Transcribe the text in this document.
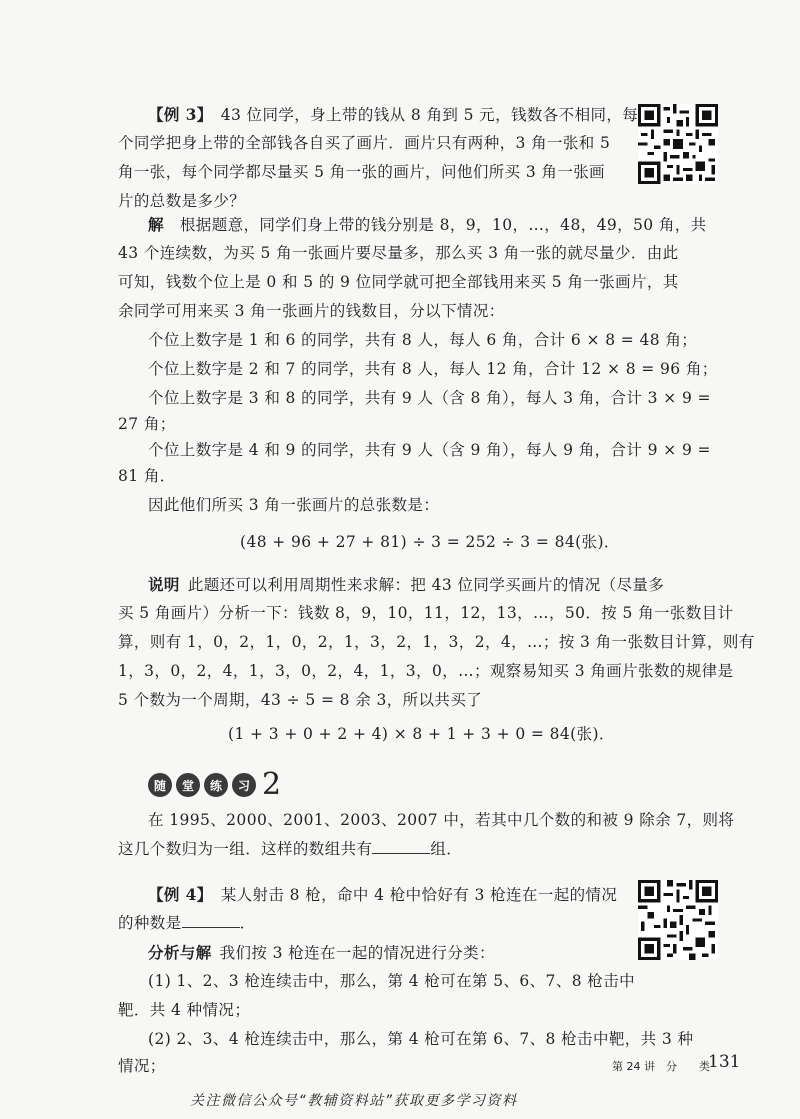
【例 3】 43 位同学，身上带的钱从 8 角到 5 元，钱数各不相同，每

个同学把身上带的全部钱各自买了画片．画片只有两种，3 角一张和 5

角一张，每个同学都尽量买 5 角一张的画片，问他们所买 3 角一张画

片的总数是多少？

解 根据题意，同学们身上带的钱分别是 8，9，10，…，48，49，50 角，共

43 个连续数，为买 5 角一张画片要尽量多，那么买 3 角一张的就尽量少．由此

可知，钱数个位上是 0 和 5 的 9 位同学就可把全部钱用来买 5 角一张画片，其

余同学可用来买 3 角一张画片的钱数目，分以下情况：

个位上数字是 1 和 6 的同学，共有 8 人，每人 6 角，合计 6 × 8 = 48 角；

个位上数字是 2 和 7 的同学，共有 8 人，每人 12 角，合计 12 × 8 = 96 角；

个位上数字是 3 和 8 的同学，共有 9 人（含 8 角），每人 3 角，合计 3 × 9 =

27 角；

个位上数字是 4 和 9 的同学，共有 9 人（含 9 角），每人 9 角，合计 9 × 9 =

81 角．

因此他们所买 3 角一张画片的总张数是：

(48 + 96 + 27 + 81) ÷ 3 = 252 ÷ 3 = 84(张)．

说明 此题还可以利用周期性来求解：把 43 位同学买画片的情况（尽量多

买 5 角画片）分析一下：钱数 8，9，10，11，12，13，…，50．按 5 角一张数目计

算，则有 1，0，2，1，0，2，1，3，2，1，3，2，4，…；按 3 角一张数目计算，则有

1，3，0，2，4，1，3，0，2，4，1，3，0，…；观察易知买 3 角画片张数的规律是

5 个数为一个周期，43 ÷ 5 = 8 余 3，所以共买了

(1 + 3 + 0 + 2 + 4) × 8 + 1 + 3 + 0 = 84(张)．

随	堂	练	习 2

在 1995、2000、2001、2003、2007 中，若其中几个数的和被 9 除余 7，则将

这几个数归为一组．这样的数组共有	组．

【例 4】 某人射击 8 枪，命中 4 枪中恰好有 3 枪连在一起的情况

的种数是	．

分析与解 我们按 3 枪连在一起的情况进行分类：

(1) 1、2、3 枪连续击中，那么，第 4 枪可在第 5、6、7、8 枪击中

靶．共 4 种情况；

(2) 2、3、4 枪连续击中，那么，第 4 枪可在第 6、7、8 枪击中靶，共 3 种

第 24 讲　分　　类
131
关注微信公众号“教辅资料站”获取更多学习资料

情况；
